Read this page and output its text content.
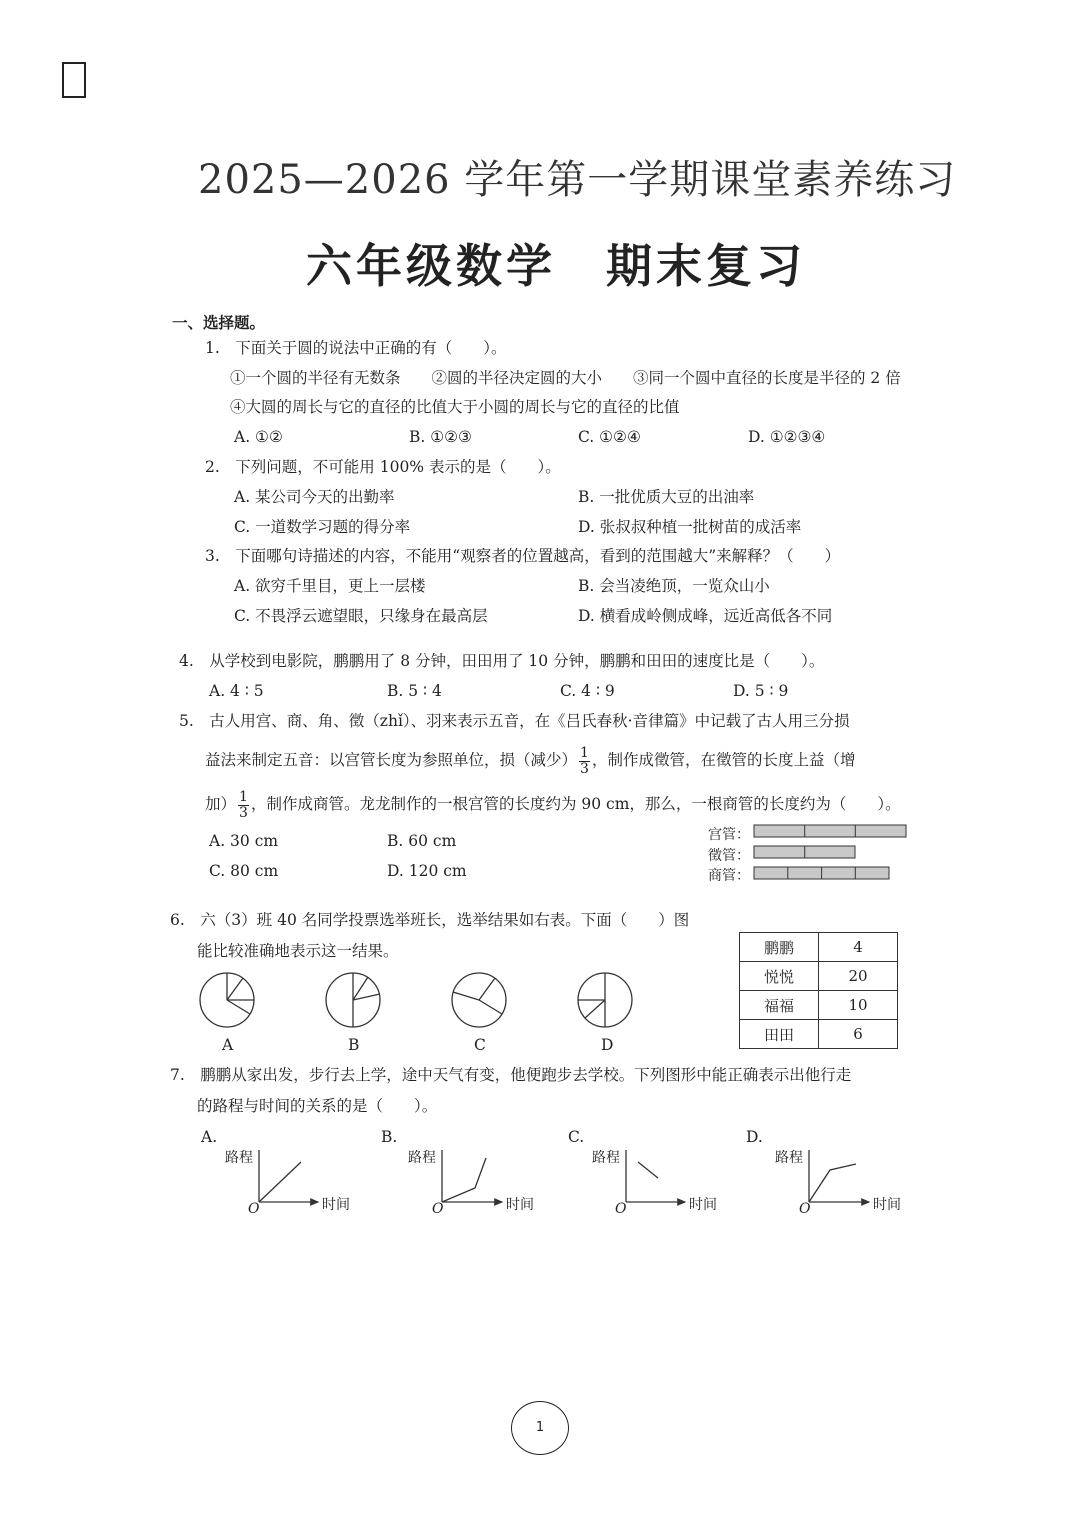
2025—2026 学年第一学期课堂素养练习
六年级数学　期末复习
一、选择题。
1.　下面关于圆的说法中正确的有（　　）。
①一个圆的半径有无数条　　②圆的半径决定圆的大小　　③同一个圆中直径的长度是半径的 2 倍
④大圆的周长与它的直径的比值大于小圆的周长与它的直径的比值
A. ①②	B. ①②③	C. ①②④	D. ①②③④
2.　下列问题，不可能用 100% 表示的是（　　）。
A. 某公司今天的出勤率	B. 一批优质大豆的出油率
C. 一道数学习题的得分率	D. 张叔叔种植一批树苗的成活率
3.　下面哪句诗描述的内容，不能用“观察者的位置越高，看到的范围越大”来解释？（　　）
A. 欲穷千里目，更上一层楼	B. 会当凌绝顶，一览众山小
C. 不畏浮云遮望眼，只缘身在最高层	D. 横看成岭侧成峰，远近高低各不同
4.　从学校到电影院，鹏鹏用了 8 分钟，田田用了 10 分钟，鹏鹏和田田的速度比是（　　）。
A. 4 ∶ 5	B. 5 ∶ 4	C. 4 ∶ 9	D. 5 ∶ 9
5.　古人用宫、商、角、徵（zhǐ）、羽来表示五音，在《吕氏春秋·音律篇》中记载了古人用三分损
益法来制定五音：以宫管长度为参照单位，损（减少） $\frac{1}{3}$ ，制作成徵管，在徵管的长度上益（增
加） $\frac{1}{3}$ ，制作成商管。龙龙制作的一根宫管的长度约为 90 cm，那么，一根商管的长度约为（　　）。
A. 30 cm	B. 60 cm
C. 80 cm	D. 120 cm
宫管：
徵管：
商管：
6.　六（3）班 40 名同学投票选举班长，选举结果如右表。下面（　　）图
能比较准确地表示这一结果。
A	B	C	D
鹏鹏	4
悦悦	20
福福	10
田田	6
7.　鹏鹏从家出发，步行去上学，途中天气有变，他便跑步去学校。下列图形中能正确表示出他行走
的路程与时间的关系的是（　　）。
A.	B.	C.	D.
路程	路程	路程	路程
时间	时间	时间	时间
O	O	O	O
1
